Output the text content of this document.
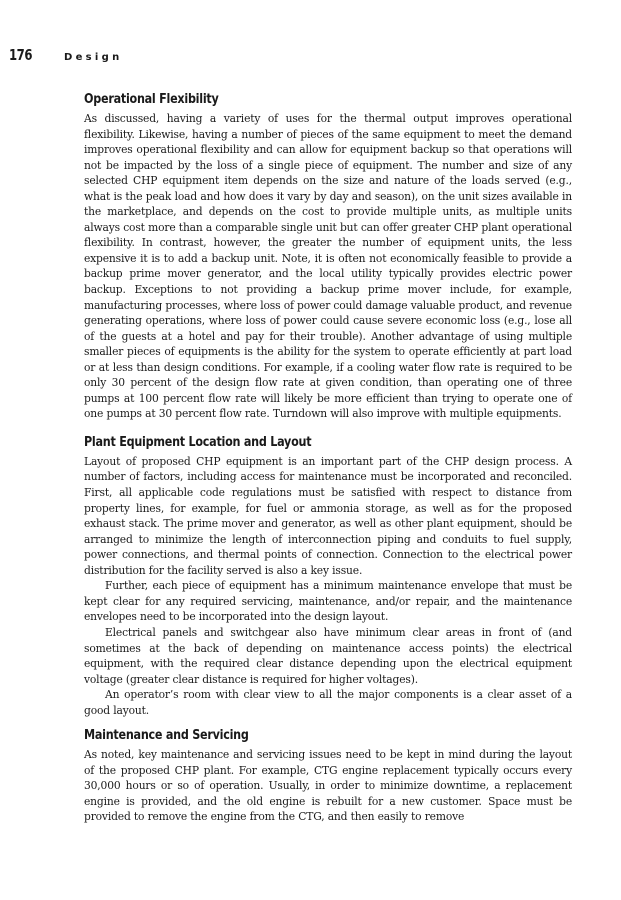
176	Design
Operational Flexibility

As discussed, having a variety of uses for the thermal output improves operational flexibility. Likewise, having a number of pieces of the same equipment to meet the demand improves operational flexibility and can allow for equipment backup so that operations will not be impacted by the loss of a single piece of equipment. The number and size of any selected CHP equipment item depends on the size and nature of the loads served (e.g., what is the peak load and how does it vary by day and season), on the unit sizes available in the marketplace, and depends on the cost to provide multiple units, as multiple units always cost more than a comparable single unit but can offer greater CHP plant operational flexibility. In contrast, however, the greater the number of equipment units, the less expensive it is to add a backup unit. Note, it is often not economically feasible to provide a backup prime mover generator, and the local utility typically provides electric power backup. Exceptions to not providing a backup prime mover include, for example, manufacturing processes, where loss of power could damage valuable product, and revenue generating operations, where loss of power could cause severe economic loss (e.g., lose all of the guests at a hotel and pay for their trouble). Another advantage of using multiple smaller pieces of equipments is the ability for the system to operate efficiently at part load or at less than design conditions. For example, if a cooling water flow rate is required to be only 30 percent of the design flow rate at given condition, than operating one of three pumps at 100 percent flow rate will likely be more efficient than trying to operate one of one pumps at 30 percent flow rate. Turndown will also improve with multiple equipments.

Plant Equipment Location and Layout

Layout of proposed CHP equipment is an important part of the CHP design process. A number of factors, including access for maintenance must be incorporated and reconciled. First, all applicable code regulations must be satisfied with respect to distance from property lines, for example, for fuel or ammonia storage, as well as for the proposed exhaust stack. The prime mover and generator, as well as other plant equipment, should be arranged to minimize the length of interconnection piping and conduits to fuel supply, power connections, and thermal points of connection. Connection to the electrical power distribution for the facility served is also a key issue.

Further, each piece of equipment has a minimum maintenance envelope that must be kept clear for any required servicing, maintenance, and/or repair, and the maintenance envelopes need to be incorporated into the design layout.

Electrical panels and switchgear also have minimum clear areas in front of (and sometimes at the back of depending on maintenance access points) the electrical equipment, with the required clear distance depending upon the electrical equipment voltage (greater clear distance is required for higher voltages).

An operator’s room with clear view to all the major components is a clear asset of a good layout.

Maintenance and Servicing

As noted, key maintenance and servicing issues need to be kept in mind during the layout of the proposed CHP plant. For example, CTG engine replacement typically occurs every 30,000 hours or so of operation. Usually, in order to minimize downtime, a replacement engine is provided, and the old engine is rebuilt for a new customer. Space must be provided to remove the engine from the CTG, and then easily to remove
